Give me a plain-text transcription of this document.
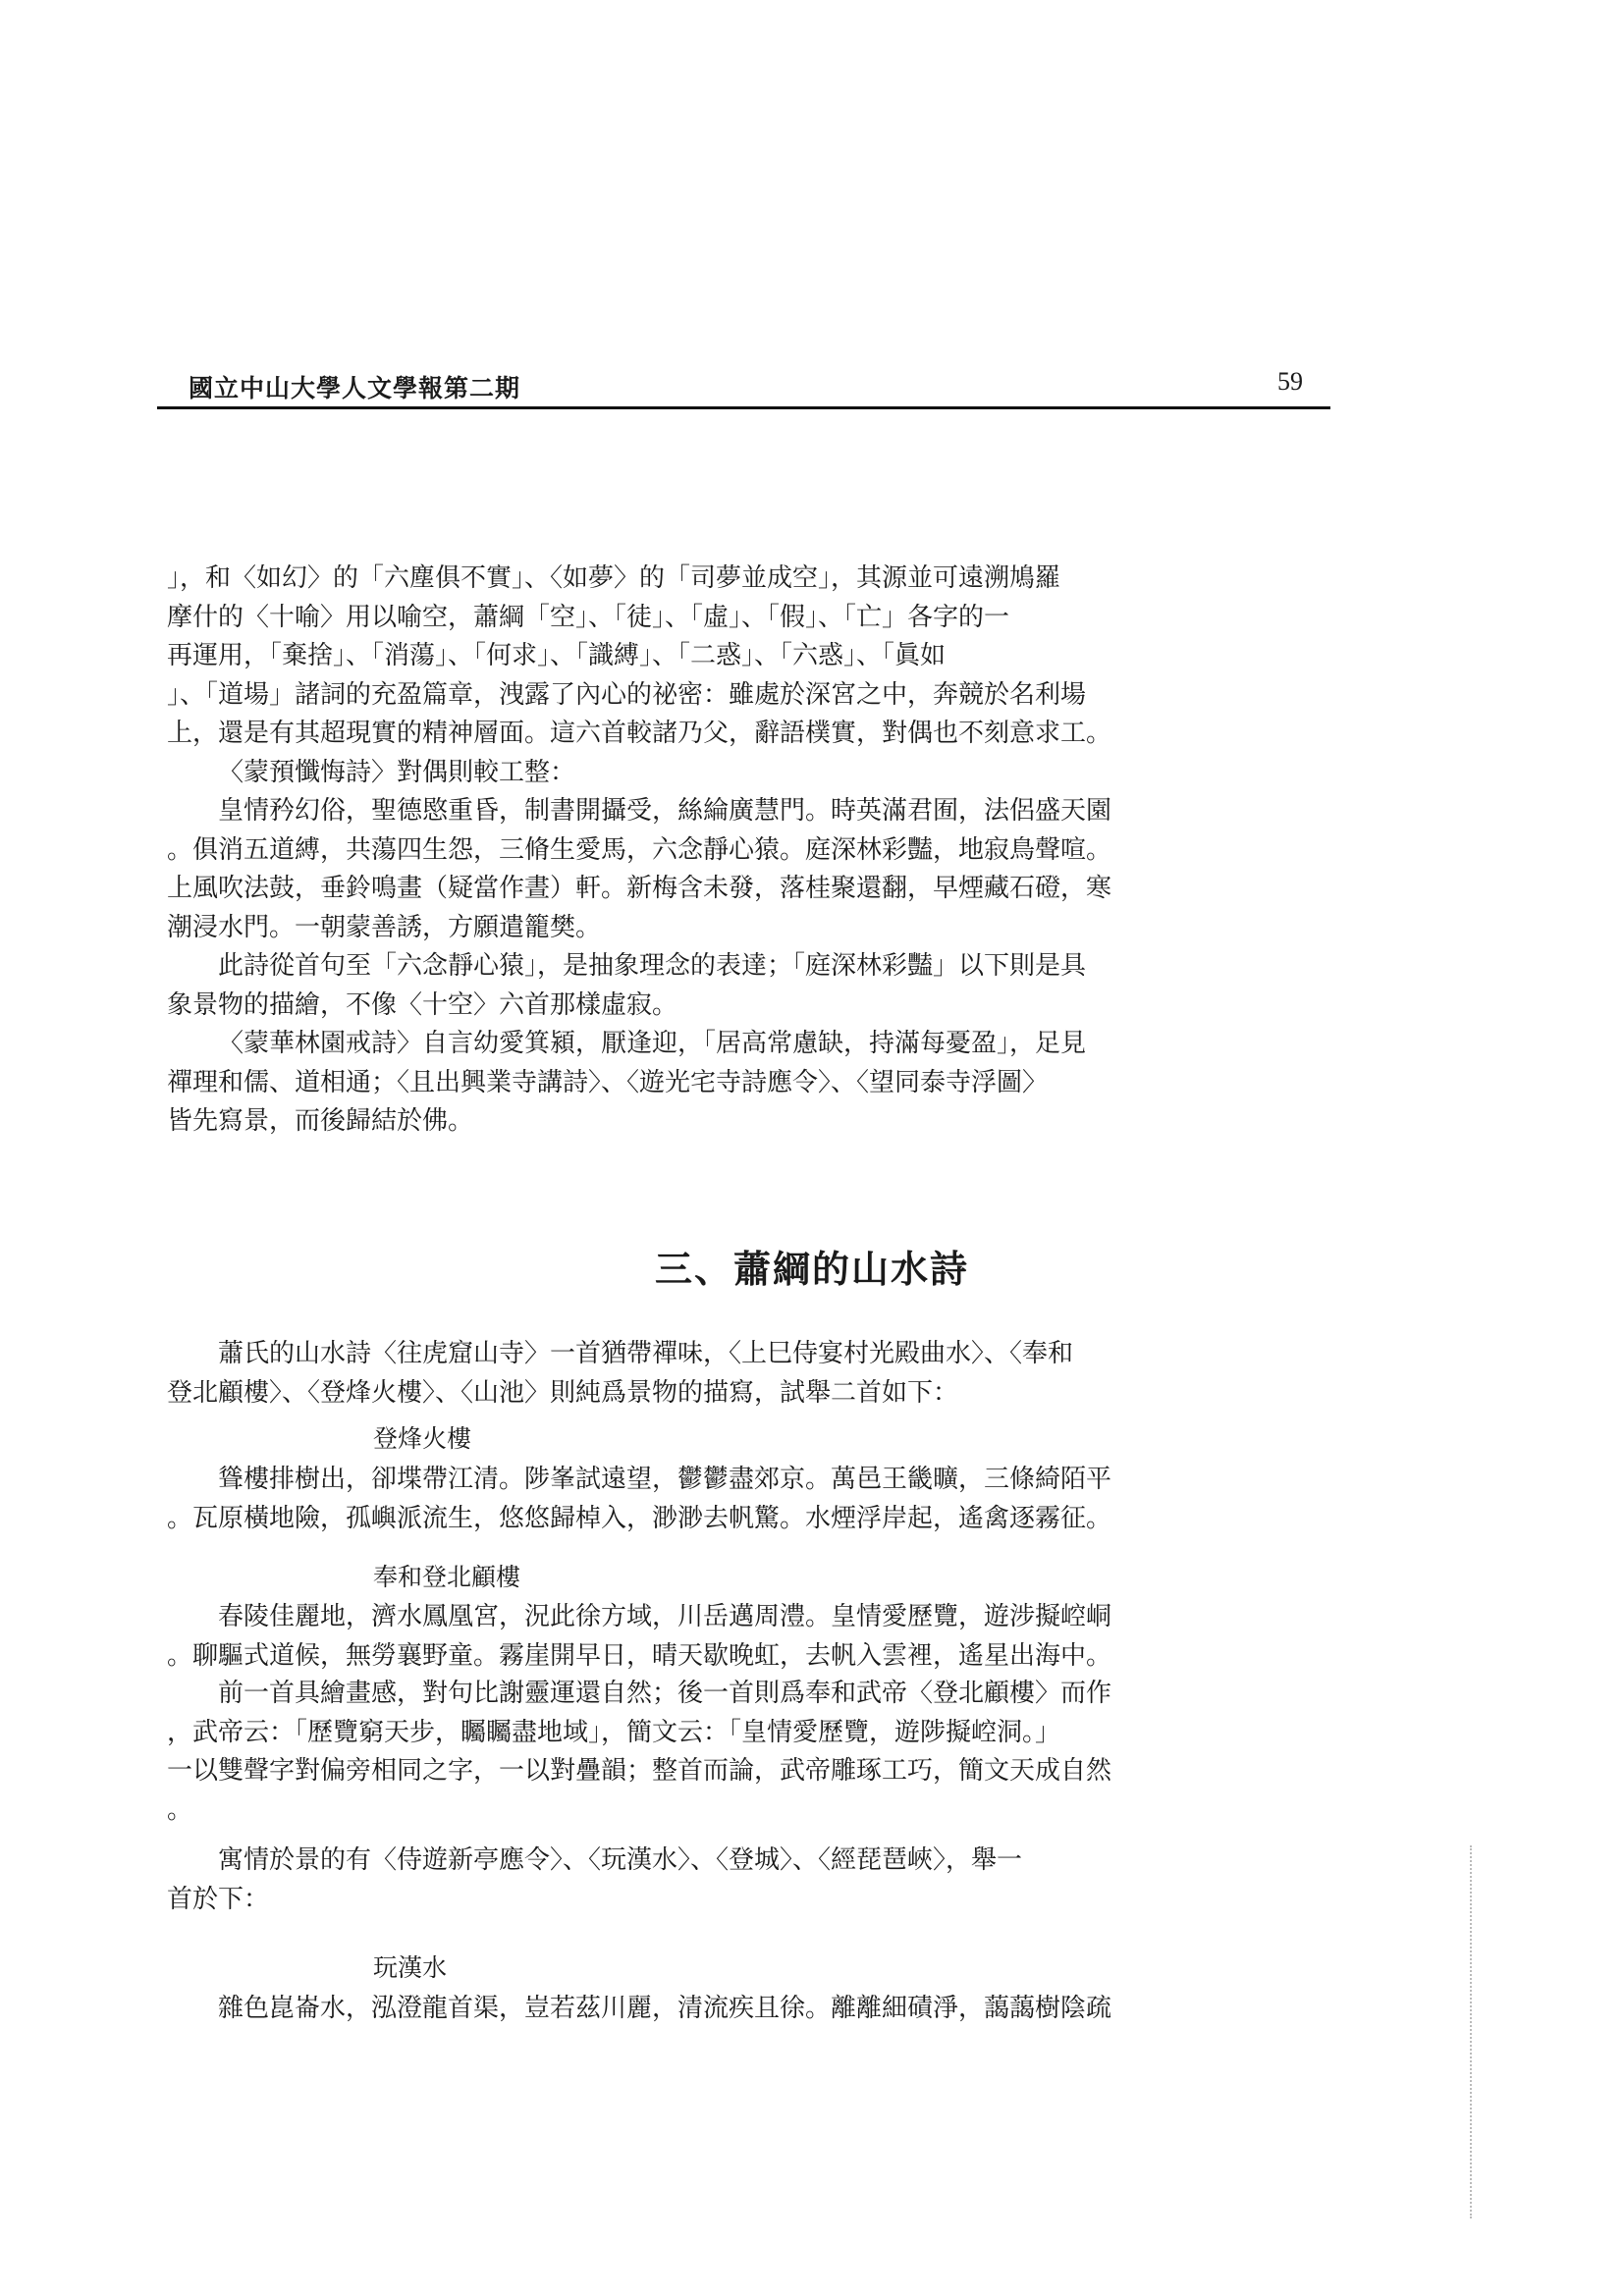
國立中山大學人文學報第二期	59
」，和〈如幻〉的「六塵俱不實」、〈如夢〉的「司夢並成空」，其源並可遠溯鳩羅
摩什的〈十喻〉用以喻空，蕭綱「空」、「徒」、「虛」、「假」、「亡」各字的一
再運用，「棄捨」、「消蕩」、「何求」、「識縛」、「二惑」、「六惑」、「眞如
」、「道場」諸詞的充盈篇章，洩露了內心的祕密：雖處於深宮之中，奔競於名利場
上，還是有其超現實的精神層面。這六首較諸乃父，辭語樸實，對偶也不刻意求工。
〈蒙預懺悔詩〉對偶則較工整：
皇情矜幻俗，聖德愍重昏，制書開攝受，絲綸廣慧門。時英滿君囿，法侶盛天園
。俱消五道縛，共蕩四生怨，三脩生愛馬，六念靜心猿。庭深林彩豔，地寂鳥聲喧。
上風吹法鼓，垂鈴鳴畫（疑當作晝）軒。新梅含未發，落桂聚還翻，早煙藏石磴，寒
潮浸水門。一朝蒙善誘，方願遣籠樊。
此詩從首句至「六念靜心猿」，是抽象理念的表達；「庭深林彩豔」以下則是具
象景物的描繪，不像〈十空〉六首那樣虛寂。
〈蒙華林園戒詩〉自言幼愛箕潁，厭逢迎，「居高常慮缺，持滿每憂盈」，足見
禪理和儒、道相通；〈且出興業寺講詩〉、〈遊光宅寺詩應令〉、〈望同泰寺浮圖〉
皆先寫景，而後歸結於佛。
三、蕭綱的山水詩
蕭氏的山水詩〈往虎窟山寺〉一首猶帶禪味，〈上巳侍宴村光殿曲水〉、〈奉和
登北顧樓〉、〈登烽火樓〉、〈山池〉則純爲景物的描寫，試舉二首如下：
登烽火樓
聳樓排樹出，卻堞帶江清。陟峯試遠望，鬱鬱盡郊京。萬邑王畿曠，三條綺陌平
。瓦原橫地險，孤嶼派流生，悠悠歸棹入，渺渺去帆驚。水煙浮岸起，遙禽逐霧征。
奉和登北顧樓
春陵佳麗地，濟水鳳凰宮，況此徐方域，川岳邁周澧。皇情愛歷覽，遊涉擬崆峒
。聊驅式道候，無勞襄野童。霧崖開早日，晴天歇晚虹，去帆入雲裡，遙星出海中。
前一首具繪畫感，對句比謝靈運還自然；後一首則爲奉和武帝〈登北顧樓〉而作
，武帝云：「歷覽窮天步，矚矚盡地域」，簡文云：「皇情愛歷覽，遊陟擬崆洞。」
一以雙聲字對偏旁相同之字，一以對疊韻；整首而論，武帝雕琢工巧，簡文天成自然
。
寓情於景的有〈侍遊新亭應令〉、〈玩漢水〉、〈登城〉、〈經琵琶峽〉，舉一
首於下：
玩漢水
雜色崑崙水，泓澄龍首渠，豈若茲川麗，清流疾且徐。離離細磧淨，藹藹樹陰疏
